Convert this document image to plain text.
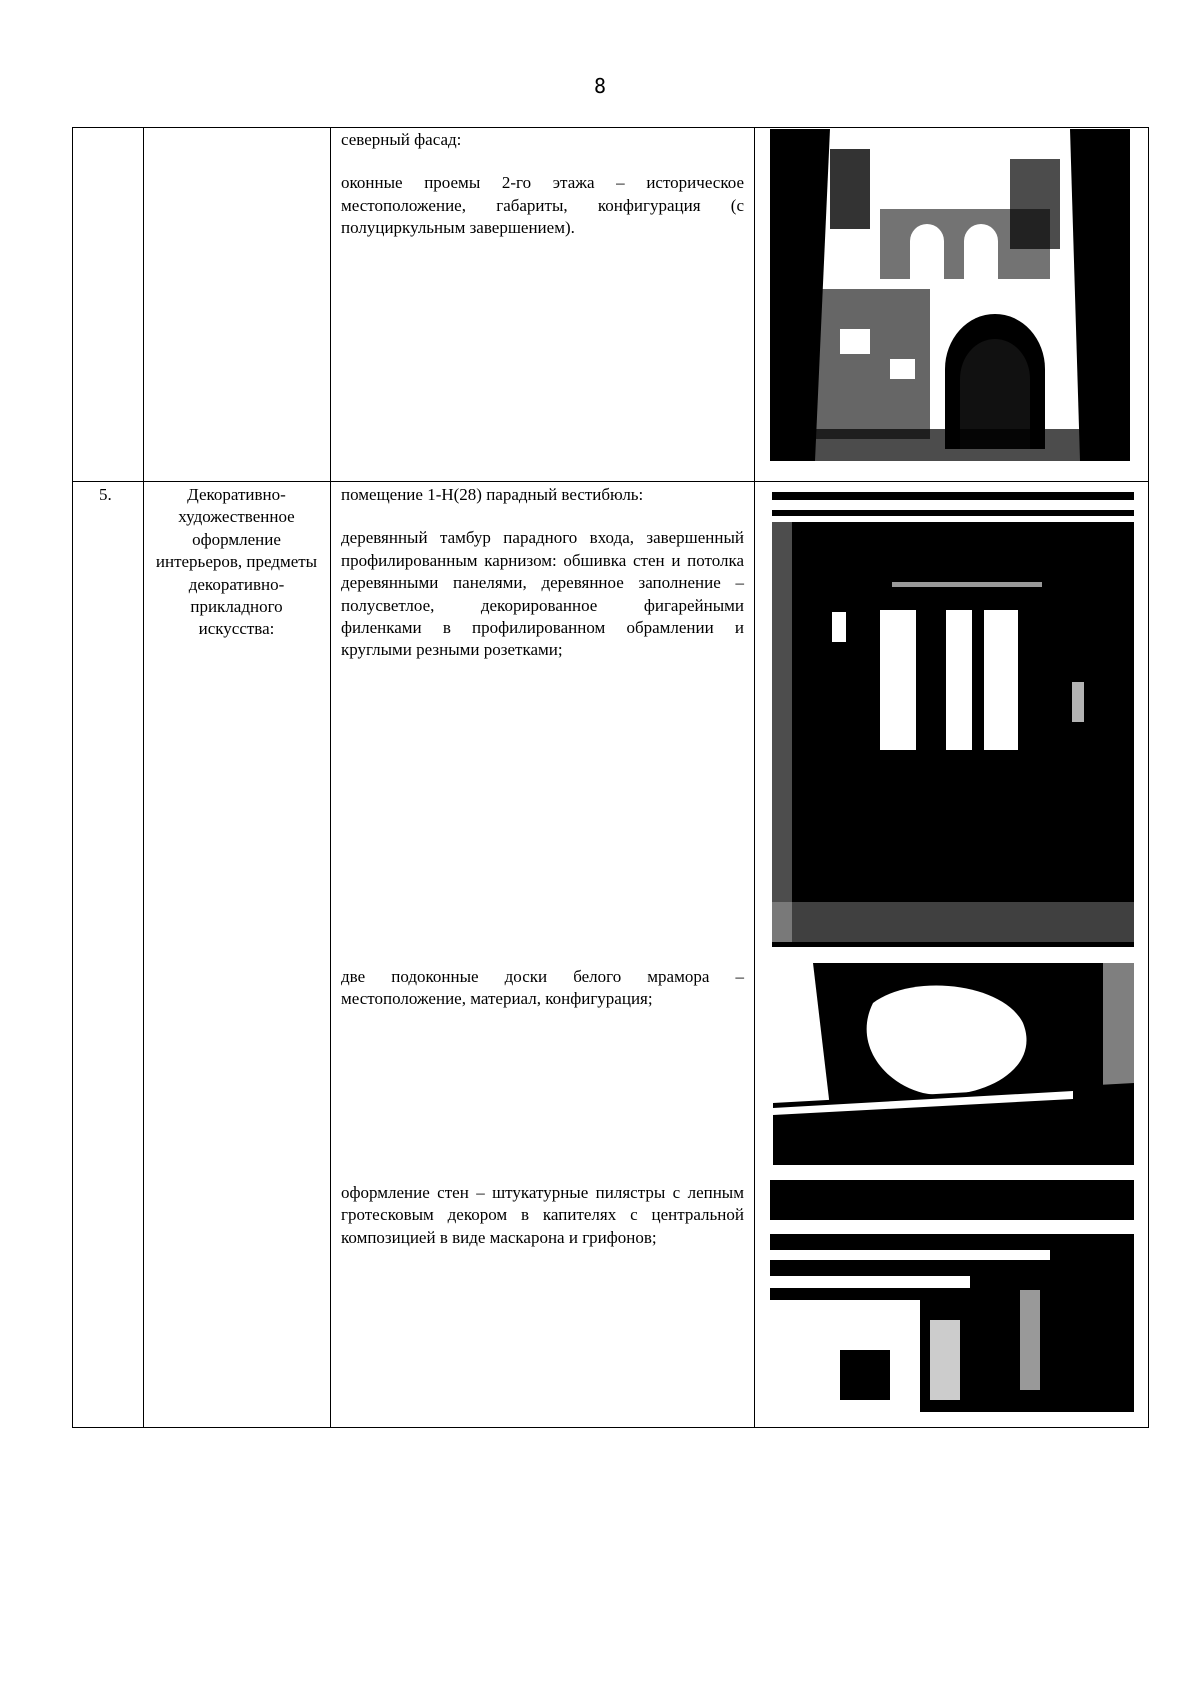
8

северный фасад:

оконные проемы 2-го этажа – историческое местоположение, габариты, конфигурация (с полуциркульным завершением).

5.	Декоративно-художественное оформление интерьеров, предметы декоративно-прикладного искусства:

помещение 1-Н(28) парадный вестибюль:

деревянный тамбур парадного входа, завершенный профилированным карнизом: обшивка стен и потолка деревянными панелями, деревянное заполнение – полусветлое, декорированное фигарейными филенками в профилированном обрамлении и круглыми резными розетками;

две подоконные доски белого мрамора – местоположение, материал, конфигурация;
оформление стен – штукатурные пилястры с лепным гротесковым декором в капителях с центральной композицией в виде маскарона и грифонов;
